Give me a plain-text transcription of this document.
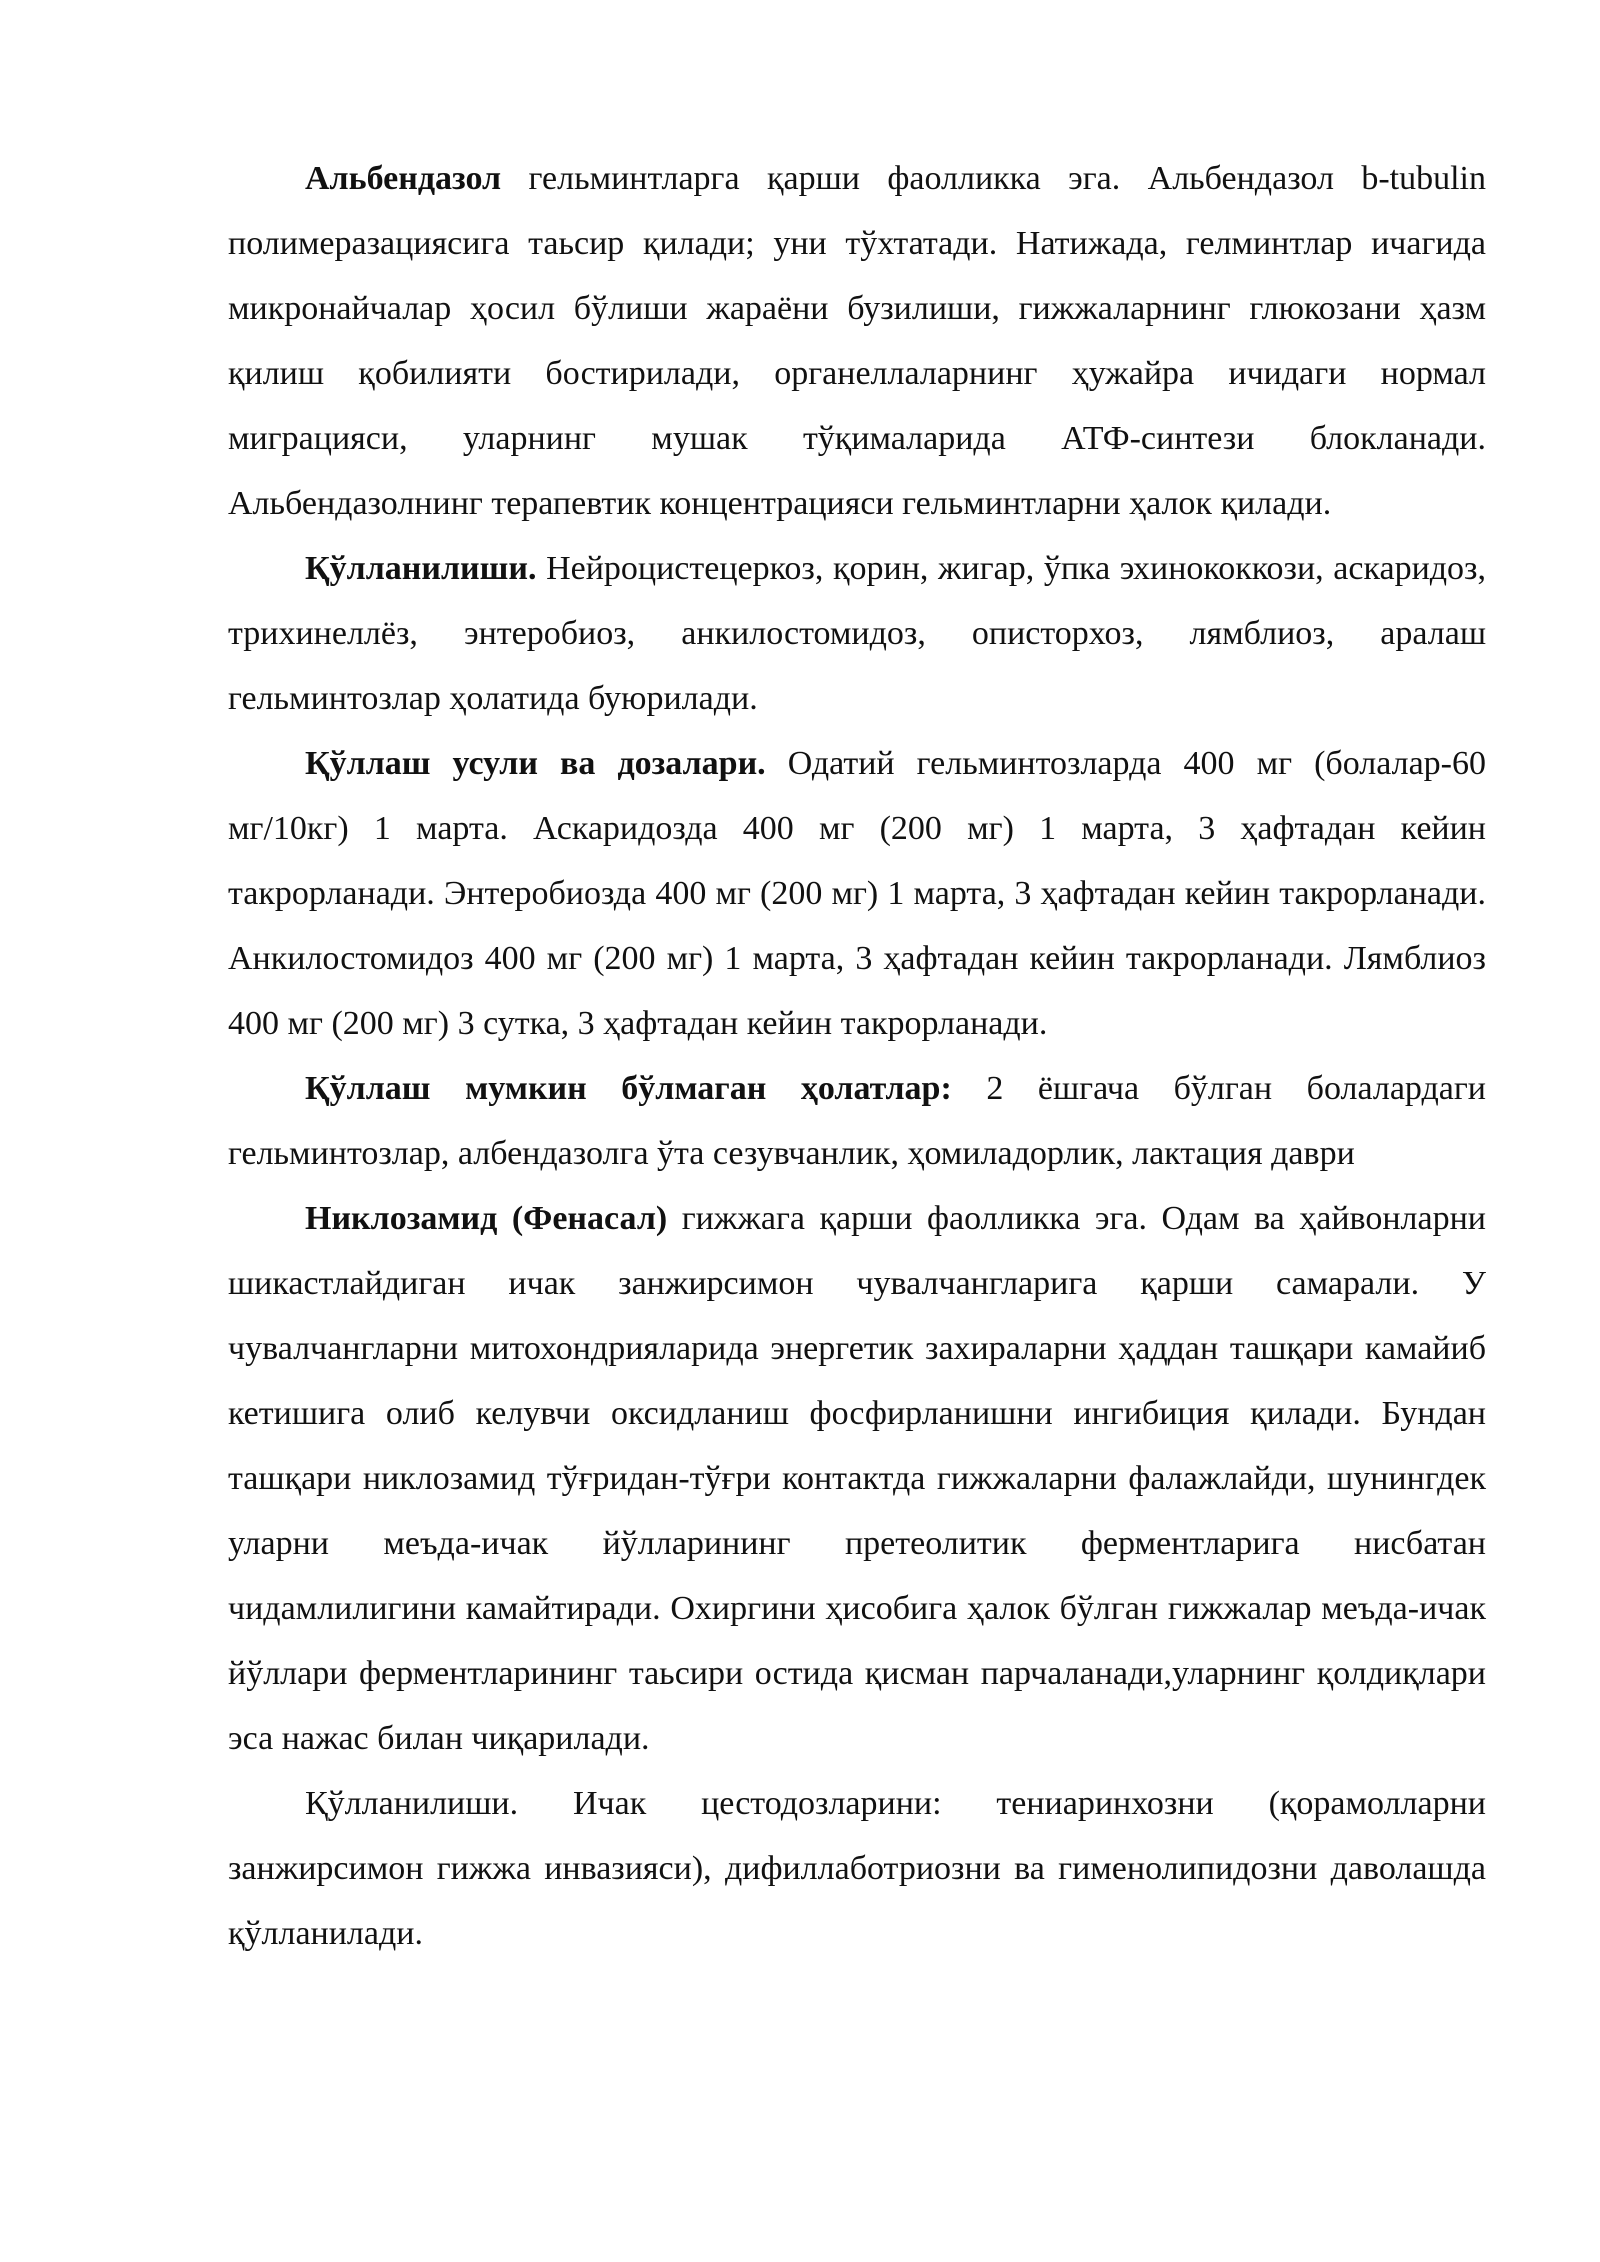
Альбендазол гельминтларга қарши фаолликка эга. Альбендазол b-tubulin полимеразациясига таьсир қилади; уни тўхтатади. Натижада, гелминтлар ичагида микронайчалар ҳосил бўлиши жараёни бузилиши, гижжаларнинг глюкозани ҳазм қилиш қобилияти бостирилади, органеллаларнинг ҳужайра ичидаги нормал миграцияси, уларнинг мушак тўқималарида АТФ-синтези блокланади. Альбендазолнинг терапевтик концентрацияси гельминтларни ҳалок қилади.

Қўлланилиши. Нейроцистецеркоз, қорин, жигар, ўпка эхинококкози, аскаридоз, трихинеллёз, энтеробиоз, анкилостомидоз, описторхоз, лямблиоз, аралаш гельминтозлар ҳолатида буюрилади.

Қўллаш усули ва дозалари. Одатий гельминтозларда 400 мг (болалар-60 мг/10кг) 1 марта. Аскаридозда 400 мг (200 мг) 1 марта, 3 ҳафтадан кейин такрорланади. Энтеробиозда 400 мг (200 мг) 1 марта, 3 ҳафтадан кейин такрорланади. Анкилостомидоз 400 мг (200 мг) 1 марта, 3 ҳафтадан кейин такрорланади. Лямблиоз 400 мг (200 мг) 3 сутка, 3 ҳафтадан кейин такрорланади.

Қўллаш мумкин бўлмаган ҳолатлар: 2 ёшгача бўлган болалардаги гельминтозлар, албендазолга ўта сезувчанлик, ҳомиладорлик, лактация даври

Никлозамид (Фенасал) гижжага қарши фаолликка эга. Одам ва ҳайвонларни шикастлайдиган ичак занжирсимон чувалчангларига қарши самарали. У чувалчангларни митохондрияларида энергетик захираларни ҳаддан ташқари камайиб кетишига олиб келувчи оксидланиш фосфирланишни ингибиция қилади. Бундан ташқари никлозамид тўғридан-тўғри контактда гижжаларни фалажлайди, шунингдек уларни меъда-ичак йўлларининг претеолитик ферментларига нисбатан чидамлилигини камайтиради. Охиргини ҳисобига ҳалок бўлган гижжалар меъда-ичак йўллари ферментларининг таьсири остида қисман парчаланади,уларнинг қолдиқлари эса нажас билан чиқарилади.

Қўлланилиши. Ичак цестодозларини: тениаринхозни (қорамолларни занжирсимон гижжа инвазияси), дифиллаботриозни ва гименолипидозни даволашда қўлланилади.
